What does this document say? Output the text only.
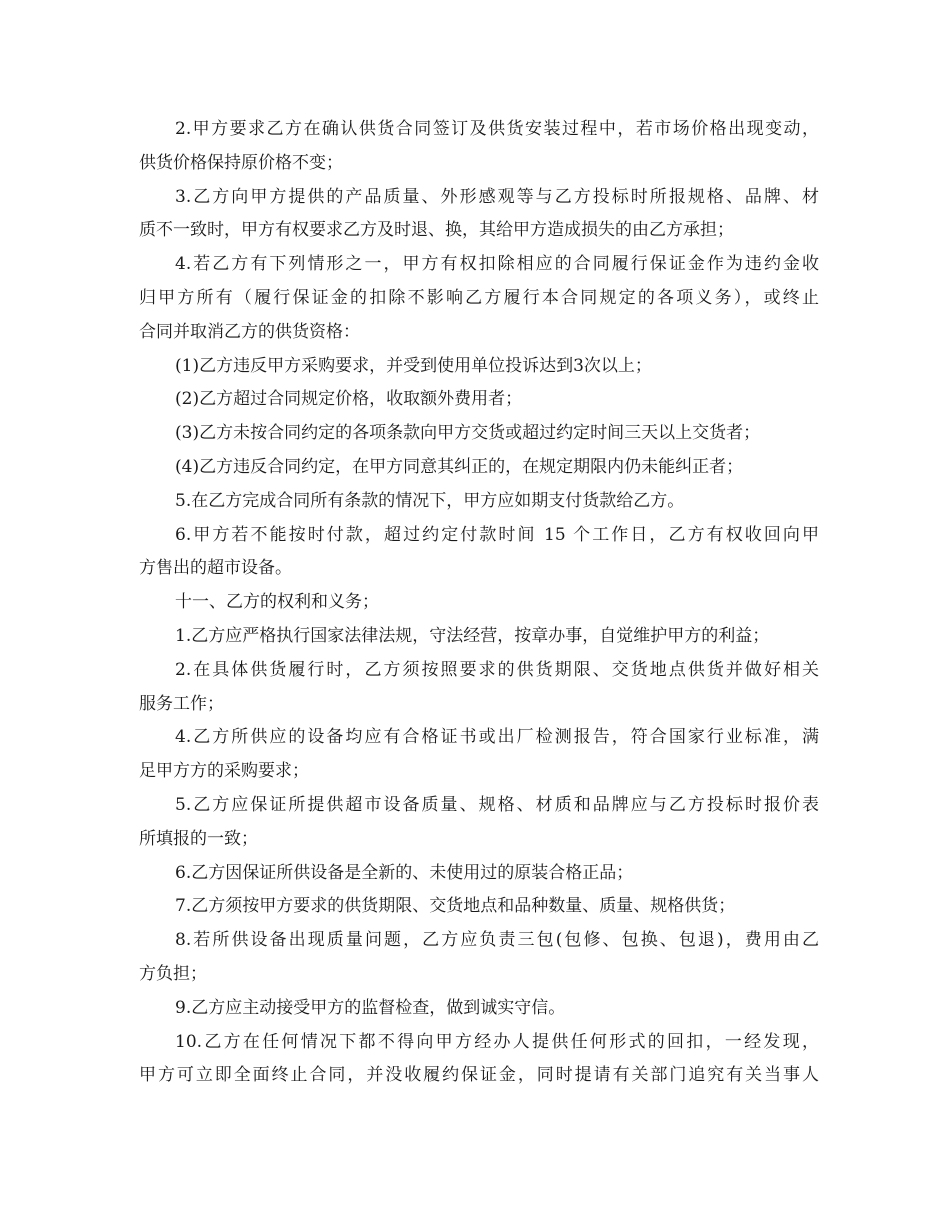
2.甲方要求乙方在确认供货合同签订及供货安装过程中，若市场价格出现变动，
供货价格保持原价格不变；
3.乙方向甲方提供的产品质量、外形感观等与乙方投标时所报规格、品牌、材
质不一致时，甲方有权要求乙方及时退、换，其给甲方造成损失的由乙方承担；
4.若乙方有下列情形之一，甲方有权扣除相应的合同履行保证金作为违约金收
归甲方所有（履行保证金的扣除不影响乙方履行本合同规定的各项义务），或终止
合同并取消乙方的供货资格：
(1)乙方违反甲方采购要求，并受到使用单位投诉达到3次以上；
(2)乙方超过合同规定价格，收取额外费用者；
(3)乙方未按合同约定的各项条款向甲方交货或超过约定时间三天以上交货者；
(4)乙方违反合同约定，在甲方同意其纠正的，在规定期限内仍未能纠正者；
5.在乙方完成合同所有条款的情况下，甲方应如期支付货款给乙方。
6.甲方若不能按时付款，超过约定付款时间 15 个工作日，乙方有权收回向甲
方售出的超市设备。
十一、乙方的权利和义务；
1.乙方应严格执行国家法律法规，守法经营，按章办事，自觉维护甲方的利益；
2.在具体供货履行时，乙方须按照要求的供货期限、交货地点供货并做好相关
服务工作；
4.乙方所供应的设备均应有合格证书或出厂检测报告，符合国家行业标准，满
足甲方方的采购要求；
5.乙方应保证所提供超市设备质量、规格、材质和品牌应与乙方投标时报价表
所填报的一致；
6.乙方因保证所供设备是全新的、未使用过的原装合格正品；
7.乙方须按甲方要求的供货期限、交货地点和品种数量、质量、规格供货；
8.若所供设备出现质量问题，乙方应负责三包(包修、包换、包退)，费用由乙
方负担；
9.乙方应主动接受甲方的监督检查，做到诚实守信。
10.乙方在任何情况下都不得向甲方经办人提供任何形式的回扣，一经发现，
甲方可立即全面终止合同，并没收履约保证金，同时提请有关部门追究有关当事人
